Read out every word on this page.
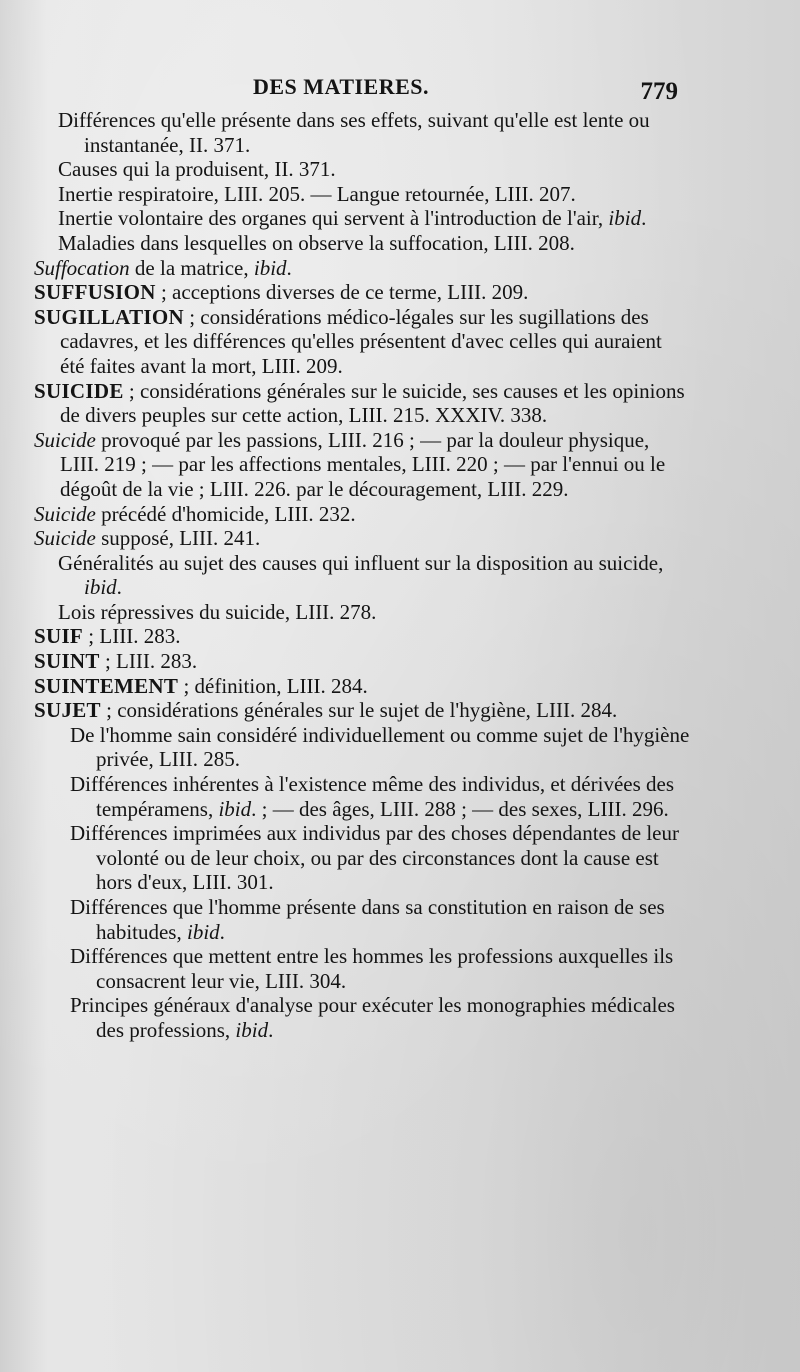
DES MATIERES.	779
Différences qu'elle présente dans ses effets, suivant qu'elle est lente ou instantanée, II. 371.
Causes qui la produisent, II. 371.
Inertie respiratoire, LIII. 205. — Langue retournée, LIII. 207.
Inertie volontaire des organes qui servent à l'introduction de l'air, ibid.
Maladies dans lesquelles on observe la suffocation, LIII. 208.
Suffocation de la matrice, ibid.
SUFFUSION ; acceptions diverses de ce terme, LIII. 209.
SUGILLATION ; considérations médico-légales sur les sugillations des cadavres, et les différences qu'elles présentent d'avec celles qui auraient été faites avant la mort, LIII. 209.
SUICIDE ; considérations générales sur le suicide, ses causes et les opinions de divers peuples sur cette action, LIII. 215. XXXIV. 338.
Suicide provoqué par les passions, LIII. 216 ; — par la douleur physique, LIII. 219 ; — par les affections mentales, LIII. 220 ; — par l'ennui ou le dégoût de la vie ; LIII. 226. par le découragement, LIII. 229.
Suicide précédé d'homicide, LIII. 232.
Suicide supposé, LIII. 241.
Généralités au sujet des causes qui influent sur la disposition au suicide, ibid.
Lois répressives du suicide, LIII. 278.
SUIF ; LIII. 283.
SUINT ; LIII. 283.
SUINTEMENT ; définition, LIII. 284.
SUJET ; considérations générales sur le sujet de l'hygiène, LIII. 284.
De l'homme sain considéré individuellement ou comme sujet de l'hygiène privée, LIII. 285.
Différences inhérentes à l'existence même des individus, et dérivées des tempéramens, ibid. ; — des âges, LIII. 288 ; — des sexes, LIII. 296.
Différences imprimées aux individus par des choses dépendantes de leur volonté ou de leur choix, ou par des circonstances dont la cause est hors d'eux, LIII. 301.
Différences que l'homme présente dans sa constitution en raison de ses habitudes, ibid.
Différences que mettent entre les hommes les professions auxquelles ils consacrent leur vie, LIII. 304.
Principes généraux d'analyse pour exécuter les monographies médicales des professions, ibid.
